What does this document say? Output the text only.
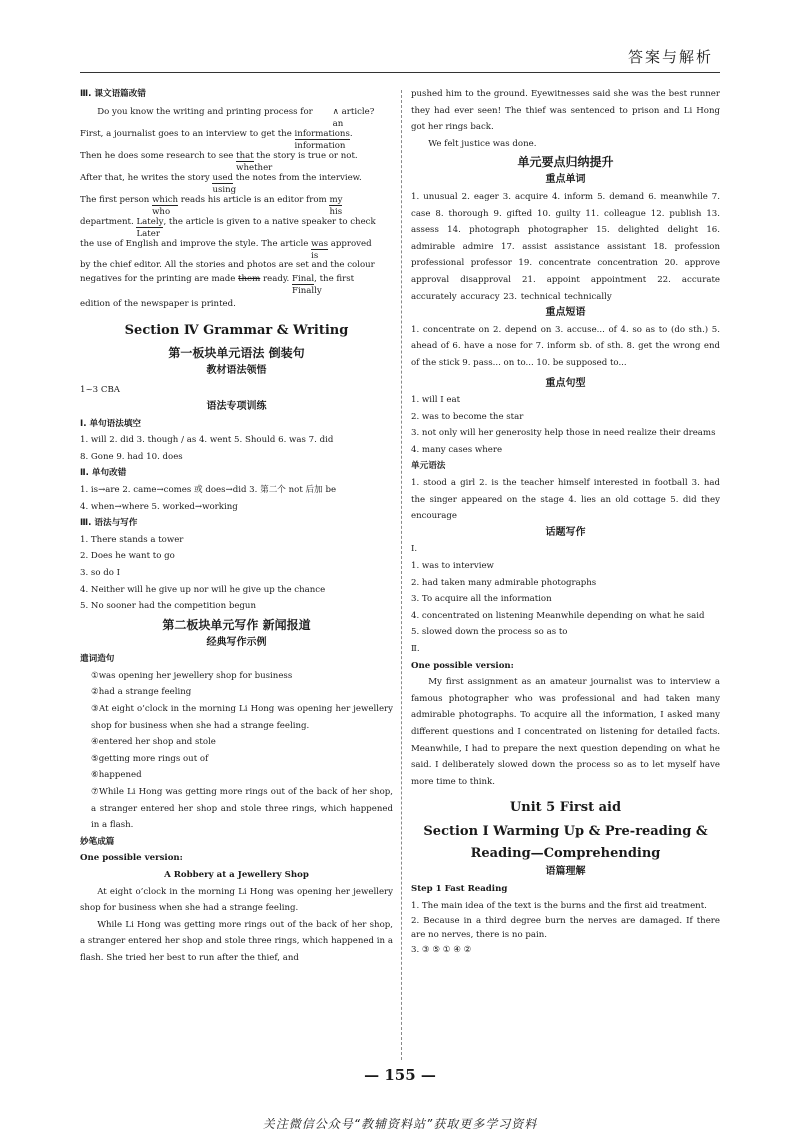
答案与解析

Ⅲ. 课文语篇改错

Do you know the writing and printing process for ∧
an
article?

First, a journalist goes to an interview to get the informations
information
.

Then he does some research to see that
whether
the story is true or not.

After that, he writes the story used
using
the notes from the interview.

The first person which
who
reads his article is an editor from my
his

department. Lately
Later
, the article is given to a native speaker to check

the use of English and improve the style. The article was
is
approved

by the chief editor. All the stories and photos are set and the colour

negatives for the printing are made them ready. Final
Finally
, the first

edition of the newspaper is printed.

Section Ⅳ Grammar & Writing

第一板块单元语法 倒装句

教材语法领悟

1~3 CBA

语法专项训练

Ⅰ. 单句语法填空

1. will 2. did 3. though / as 4. went 5. Should 6. was 7. did

8. Gone 9. had 10. does

Ⅱ. 单句改错

1. is→are 2. came→comes 或 does→did 3. 第二个 not 后加 be

4. when→where 5. worked→working

Ⅲ. 语法与写作

1. There stands a tower

2. Does he want to go

3. so do I

4. Neither will he give up nor will he give up the chance

5. No sooner had the competition begun

第二板块单元写作 新闻报道

经典写作示例

遣词造句

①was opening her jewellery shop for business

②had a strange feeling

③At eight o’clock in the morning Li Hong was opening her jewellery shop for business when she had a strange feeling.

④entered her shop and stole

⑤getting more rings out of

⑥happened

⑦While Li Hong was getting more rings out of the back of her shop, a stranger entered her shop and stole three rings, which happened in a flash.

妙笔成篇

One possible version:

A Robbery at a Jewellery Shop

At eight o’clock in the morning Li Hong was opening her jewellery shop for business when she had a strange feeling.

While Li Hong was getting more rings out of the back of her shop, a stranger entered her shop and stole three rings, which happened in a flash. She tried her best to run after the thief, and

pushed him to the ground. Eyewitnesses said she was the best runner they had ever seen! The thief was sentenced to prison and Li Hong got her rings back.

We felt justice was done.

单元要点归纳提升

重点单词

1. unusual 2. eager 3. acquire 4. inform 5. demand 6. meanwhile 7. case 8. thorough 9. gifted 10. guilty 11. colleague 12. publish 13. assess 14. photograph photographer 15. delighted delight 16. admirable admire 17. assist assistance assistant 18. profession professional professor 19. concentrate concentration 20. approve approval disapproval 21. appoint appointment 22. accurate accurately accuracy 23. technical technically

重点短语

1. concentrate on 2. depend on 3. accuse... of 4. so as to (do sth.) 5. ahead of 6. have a nose for 7. inform sb. of sth. 8. get the wrong end of the stick 9. pass... on to... 10. be supposed to...

重点句型

1. will I eat

2. was to become the star

3. not only will her generosity help those in need realize their dreams

4. many cases where

单元语法

1. stood a girl 2. is the teacher himself interested in football 3. had the singer appeared on the stage 4. lies an old cottage 5. did they encourage

话题写作

Ⅰ.

1. was to interview

2. had taken many admirable photographs

3. To acquire all the information

4. concentrated on listening Meanwhile depending on what he said

5. slowed down the process so as to

Ⅱ.

One possible version:

My first assignment as an amateur journalist was to interview a famous photographer who was professional and had taken many admirable photographs. To acquire all the information, I asked many different questions and I concentrated on listening for detailed facts. Meanwhile, I had to prepare the next question depending on what he said. I deliberately slowed down the process so as to let myself have more time to think.

Unit 5 First aid

Section Ⅰ Warming Up & Pre-reading &

Reading—Comprehending

语篇理解

Step 1 Fast Reading

1. The main idea of the text is the burns and the first aid treatment.

2. Because in a third degree burn the nerves are damaged. If there are no nerves, there is no pain.

3. ③ ⑤ ① ④ ②

— 155 —
关注微信公众号“教辅资料站”获取更多学习资料
